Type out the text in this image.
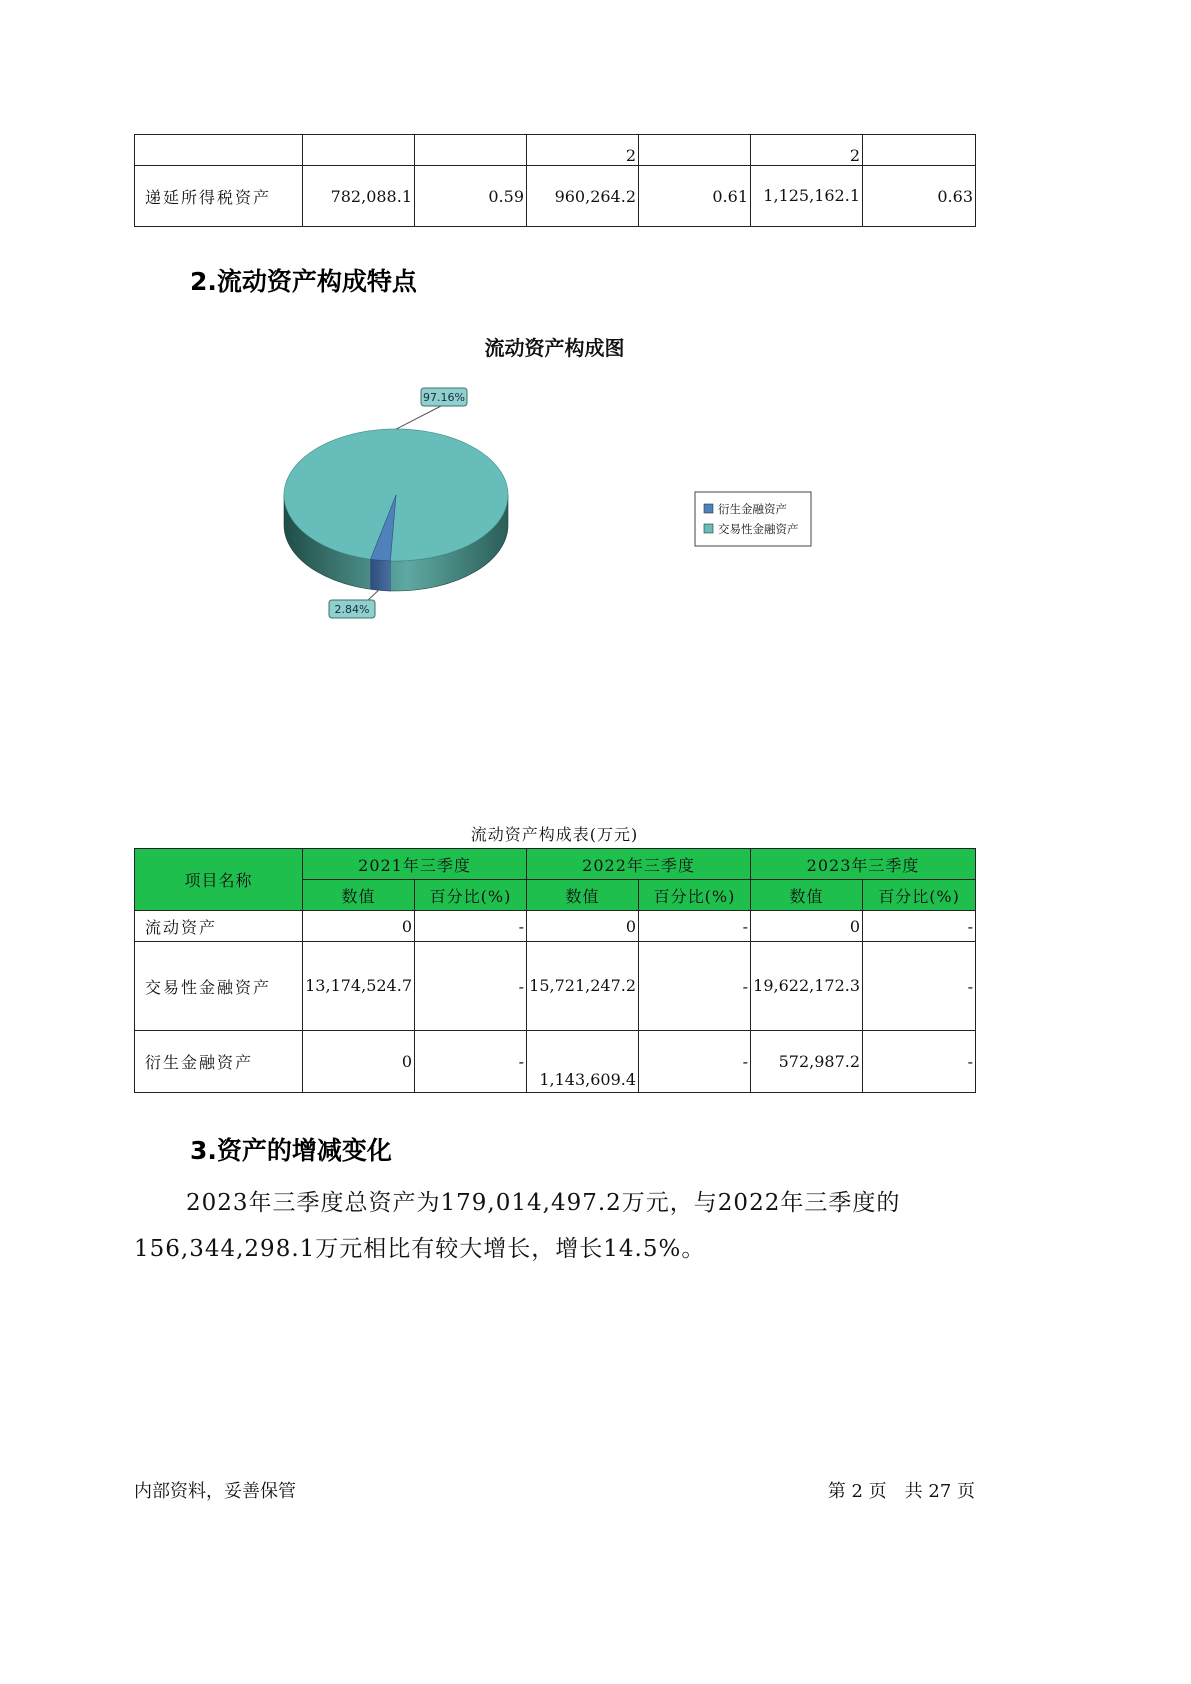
			2		2	
递延所得税资产	782,088.1	0.59	960,264.2	0.61	1,125,162.1	0.63
2.流动资产构成特点
2.84%
97.16%
衍生金融资产
交易性金融资产
流动资产构成图
流动资产构成表(万元)
项目名称	2021年三季度		2022年三季度		2023年三季度	
	数值	百分比(%)	数值	百分比(%)	数值	百分比(%)
流动资产	0	-	0	-	0	-
交易性金融资产	13,174,524.7	-	15,721,247.2	-	19,622,172.3	-
衍生金融资产	0	-	1,143,609.4	-	572,987.2	-
3.资产的增减变化
2023年三季度总资产为179,014,497.2万元，与2022年三季度的156,344,298.1万元相比有较大增长，增长14.5%。
内部资料，妥善保管	第 2 页　共 27 页
